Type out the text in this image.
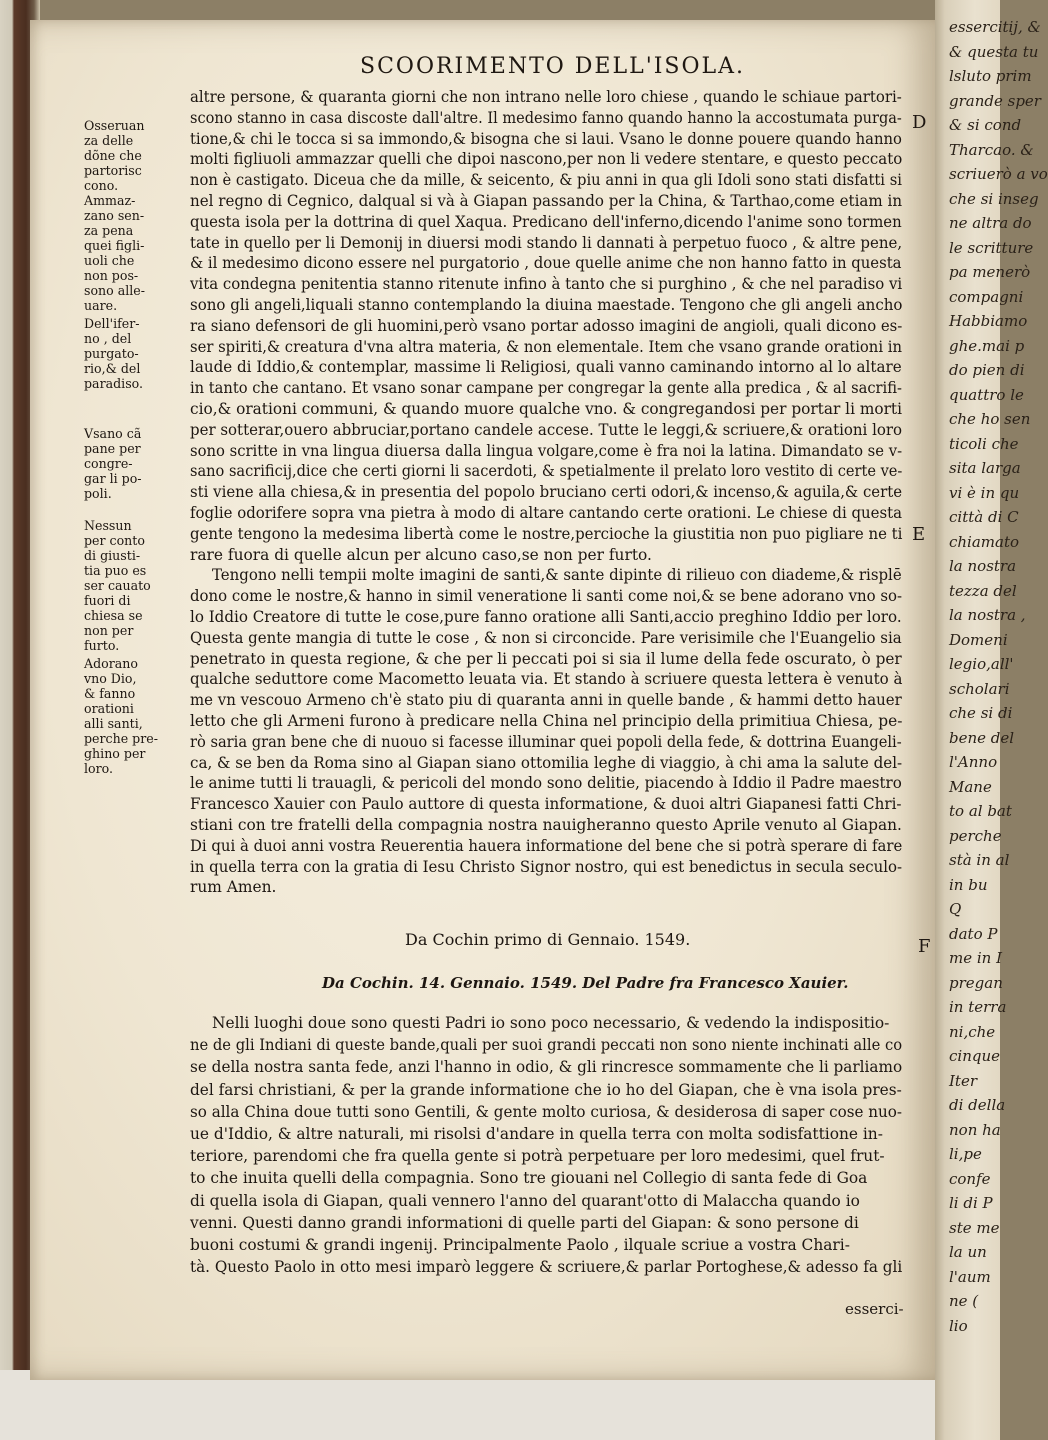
essercitij, &
& questa tu
lsluto prim
grande sper
& si cond
Tharcao. &
scriuerò a vo
che si inseg
ne altra do
le scritture
pa menerò
compagni
Habbiamo
ghe.mai p
do pien di
quattro le
che ho sen
ticoli che
sita larga
vi è in qu
città di C
chiamato
la nostra
tezza del
la nostra ,
Domeni
legio,all'
scholari
che si di
bene del
l'Anno
Mane
to al bat
perche
stà in al
in bu
Q
dato P
me in I
pregan
in terra
ni,che
cinque
Iter
di della
non ha
li,pe
confe
li di P
ste me
la un
l'aum
ne (
lio
SCOORIMENTO DELL'ISOLA.
D
E
F
Osseruan
za delle
dõne che
partorisc
cono.
Ammaz-
zano sen-
za pena
quei figli-
uoli che
non pos-
sono alle-
uare.
Dell'ifer-
no , del
purgato-
rio,& del
paradiso.
Vsano cã
pane per
congre-
gar li po-
poli.
Nessun
per conto
di giusti-
tia puo es
ser cauato
fuori di
chiesa se
non per
furto.
Adorano
vno Dio,
& fanno
orationi
alli santi,
perche pre-
ghino per
loro.
altre persone, & quaranta giorni che non intrano nelle loro chiese , quando le schiaue partori-
scono stanno in casa discoste dall'altre. Il medesimo fanno quando hanno la accostumata purga-
tione,& chi le tocca si sa immondo,& bisogna che si laui. Vsano le donne pouere quando hanno
molti figliuoli ammazzar quelli che dipoi nascono,per non li vedere stentare, e questo peccato
non è castigato. Diceua che da mille, & seicento, & piu anni in qua gli Idoli sono stati disfatti si
nel regno di Cegnico, dalqual si và à Giapan passando per la China, & Tarthao,come etiam in
questa isola per la dottrina di quel Xaqua. Predicano dell'inferno,dicendo l'anime sono tormen
tate in quello per li Demonij in diuersi modi stando li dannati à perpetuo fuoco , & altre pene,
& il medesimo dicono essere nel purgatorio , doue quelle anime che non hanno fatto in questa
vita condegna penitentia stanno ritenute infino à tanto che si purghino , & che nel paradiso vi
sono gli angeli,liquali stanno contemplando la diuina maestade. Tengono che gli angeli ancho
ra siano defensori de gli huomini,però vsano portar adosso imagini de angioli, quali dicono es-
ser spiriti,& creatura d'vna altra materia, & non elementale. Item che vsano grande orationi in
laude di Iddio,& contemplar, massime li Religiosi, quali vanno caminando intorno al lo altare
in tanto che cantano. Et vsano sonar campane per congregar la gente alla predica , & al sacrifi-
cio,& orationi communi, & quando muore qualche vno. & congregandosi per portar li morti
per sotterar,ouero abbruciar,portano candele accese. Tutte le leggi,& scriuere,& orationi loro
sono scritte in vna lingua diuersa dalla lingua volgare,come è fra noi la latina. Dimandato se v-
sano sacrificij,dice che certi giorni li sacerdoti, & spetialmente il prelato loro vestito di certe ve-
sti viene alla chiesa,& in presentia del popolo bruciano certi odori,& incenso,& aguila,& certe
foglie odorifere sopra vna pietra à modo di altare cantando certe orationi. Le chiese di questa
gente tengono la medesima libertà come le nostre,percioche la giustitia non puo pigliare ne ti
rare fuora di quelle alcun per alcuno caso,se non per furto.
Tengono nelli tempii molte imagini de santi,& sante dipinte di rilieuo con diademe,& risplē
dono come le nostre,& hanno in simil veneratione li santi come noi,& se bene adorano vno so-
lo Iddio Creatore di tutte le cose,pure fanno oratione alli Santi,accio preghino Iddio per loro.
Questa gente mangia di tutte le cose , & non si circoncide. Pare verisimile che l'Euangelio sia
penetrato in questa regione, & che per li peccati poi si sia il lume della fede oscurato, ò per
qualche seduttore come Macometto leuata via. Et stando à scriuere questa lettera è venuto à
me vn vescouo Armeno ch'è stato piu di quaranta anni in quelle bande , & hammi detto hauer
letto che gli Armeni furono à predicare nella China nel principio della primitiua Chiesa, pe-
rò saria gran bene che di nuouo si facesse illuminar quei popoli della fede, & dottrina Euangeli-
ca, & se ben da Roma sino al Giapan siano ottomilia leghe di viaggio, à chi ama la salute del-
le anime tutti li trauagli, & pericoli del mondo sono delitie, piacendo à Iddio il Padre maestro
Francesco Xauier con Paulo auttore di questa informatione, & duoi altri Giapanesi fatti Chri-
stiani con tre fratelli della compagnia nostra nauigheranno questo Aprile venuto al Giapan.
Di qui à duoi anni vostra Reuerentia hauera informatione del bene che si potrà sperare di fare
in quella terra con la gratia di Iesu Christo Signor nostro, qui est benedictus in secula seculo-
rum Amen.
Da Cochin primo di Gennaio. 1549.
Da Cochin. 14. Gennaio. 1549. Del Padre fra Francesco Xauier.
Nelli luoghi doue sono questi Padri io sono poco necessario, & vedendo la indispositio-
ne de gli Indiani di queste bande,quali per suoi grandi peccati non sono niente inchinati alle co
se della nostra santa fede, anzi l'hanno in odio, & gli rincresce sommamente che li parliamo
del farsi christiani, & per la grande informatione che io ho del Giapan, che è vna isola pres-
so alla China doue tutti sono Gentili, & gente molto curiosa, & desiderosa di saper cose nuo-
ue d'Iddio, & altre naturali, mi risolsi d'andare in quella terra con molta sodisfattione in-
teriore, parendomi che fra quella gente si potrà perpetuare per loro medesimi, quel frut-
to che inuita quelli della compagnia. Sono tre giouani nel Collegio di santa fede di Goa
di quella isola di Giapan, quali vennero l'anno del quarant'otto di Malaccha quando io
venni. Questi danno grandi informationi di quelle parti del Giapan: & sono persone di
buoni costumi & grandi ingenij. Principalmente Paolo , ilquale scriue a vostra Chari-
tà. Questo Paolo in otto mesi imparò leggere & scriuere,& parlar Portoghese,& adesso fa gli
esserci-
